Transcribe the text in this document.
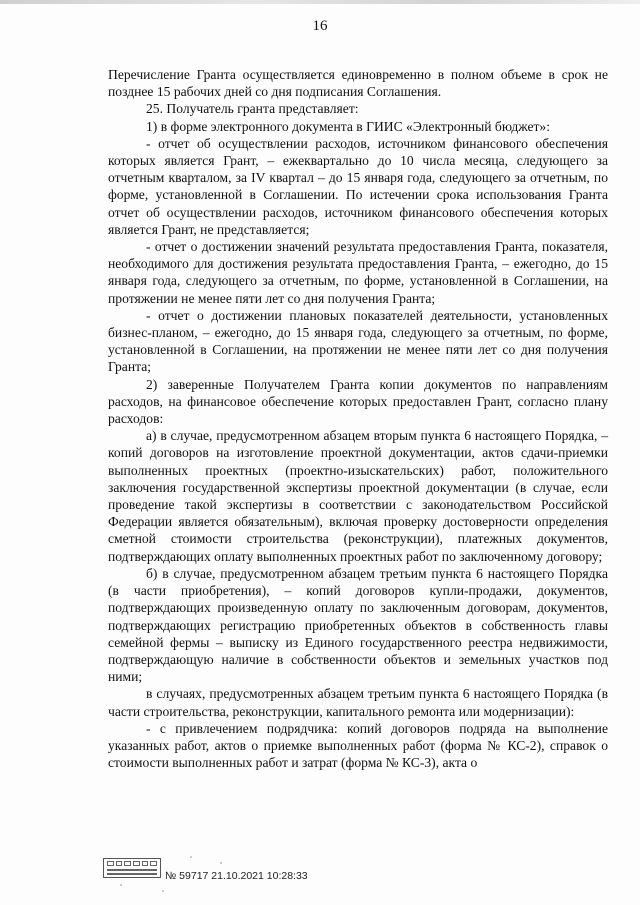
16

Перечисление Гранта осуществляется единовременно в полном объеме в срок не позднее 15 рабочих дней со дня подписания Соглашения.

25. Получатель гранта представляет:

1) в форме электронного документа в ГИИС «Электронный бюджет»:

- отчет об осуществлении расходов, источником финансового обеспечения которых является Грант, – ежеквартально до 10 числа месяца, следующего за отчетным кварталом, за IV квартал – до 15 января года, следующего за отчетным, по форме, установленной в Соглашении. По истечении срока использования Гранта отчет об осуществлении расходов, источником финансового обеспечения которых является Грант, не представляется;

- отчет о достижении значений результата предоставления Гранта, показателя, необходимого для достижения результата предоставления Гранта, – ежегодно, до 15 января года, следующего за отчетным, по форме, установленной в Соглашении, на протяжении не менее пяти лет со дня получения Гранта;

- отчет о достижении плановых показателей деятельности, установленных бизнес-планом, – ежегодно, до 15 января года, следующего за отчетным, по форме, установленной в Соглашении, на протяжении не менее пяти лет со дня получения Гранта;

2) заверенные Получателем Гранта копии документов по направлениям расходов, на финансовое обеспечение которых предоставлен Грант, согласно плану расходов:

а) в случае, предусмотренном абзацем вторым пункта 6 настоящего Порядка, – копий договоров на изготовление проектной документации, актов сдачи-приемки выполненных проектных (проектно-изыскательских) работ, положительного заключения государственной экспертизы проектной документации (в случае, если проведение такой экспертизы в соответствии с законодательством Российской Федерации является обязательным), включая проверку достоверности определения сметной стоимости строительства (реконструкции), платежных документов, подтверждающих оплату выполненных проектных работ по заключенному договору;

б) в случае, предусмотренном абзацем третьим пункта 6 настоящего Порядка (в части приобретения), – копий договоров купли-продажи, документов, подтверждающих произведенную оплату по заключенным договорам, документов, подтверждающих регистрацию приобретенных объектов в собственность главы семейной фермы – выписку из Единого государственного реестра недвижимости, подтверждающую наличие в собственности объектов и земельных участков под ними;

в случаях, предусмотренных абзацем третьим пункта 6 настоящего Порядка (в части строительства, реконструкции, капитального ремонта или модернизации):

- с привлечением подрядчика: копий договоров подряда на выполнение указанных работ, актов о приемке выполненных работ (форма № КС-2), справок о стоимости выполненных работ и затрат (форма № КС-3), акта о

№ 59717 21.10.2021 10:28:33
